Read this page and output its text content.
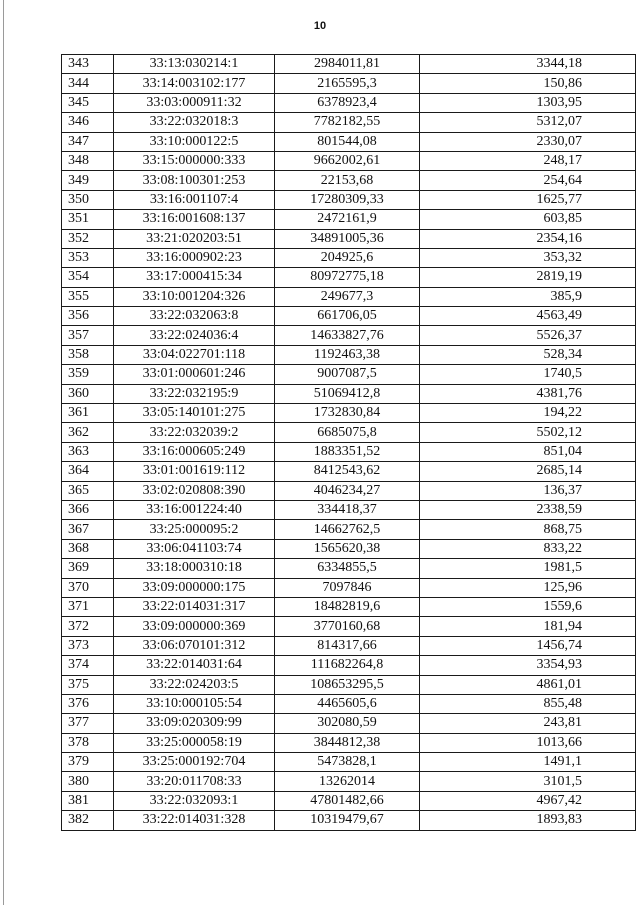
10
343	33:13:030214:1	2984011,81	3344,18
344	33:14:003102:177	2165595,3	150,86
345	33:03:000911:32	6378923,4	1303,95
346	33:22:032018:3	7782182,55	5312,07
347	33:10:000122:5	801544,08	2330,07
348	33:15:000000:333	9662002,61	248,17
349	33:08:100301:253	22153,68	254,64
350	33:16:001107:4	17280309,33	1625,77
351	33:16:001608:137	2472161,9	603,85
352	33:21:020203:51	34891005,36	2354,16
353	33:16:000902:23	204925,6	353,32
354	33:17:000415:34	80972775,18	2819,19
355	33:10:001204:326	249677,3	385,9
356	33:22:032063:8	661706,05	4563,49
357	33:22:024036:4	14633827,76	5526,37
358	33:04:022701:118	1192463,38	528,34
359	33:01:000601:246	9007087,5	1740,5
360	33:22:032195:9	51069412,8	4381,76
361	33:05:140101:275	1732830,84	194,22
362	33:22:032039:2	6685075,8	5502,12
363	33:16:000605:249	1883351,52	851,04
364	33:01:001619:112	8412543,62	2685,14
365	33:02:020808:390	4046234,27	136,37
366	33:16:001224:40	334418,37	2338,59
367	33:25:000095:2	14662762,5	868,75
368	33:06:041103:74	1565620,38	833,22
369	33:18:000310:18	6334855,5	1981,5
370	33:09:000000:175	7097846	125,96
371	33:22:014031:317	18482819,6	1559,6
372	33:09:000000:369	3770160,68	181,94
373	33:06:070101:312	814317,66	1456,74
374	33:22:014031:64	111682264,8	3354,93
375	33:22:024203:5	108653295,5	4861,01
376	33:10:000105:54	4465605,6	855,48
377	33:09:020309:99	302080,59	243,81
378	33:25:000058:19	3844812,38	1013,66
379	33:25:000192:704	5473828,1	1491,1
380	33:20:011708:33	13262014	3101,5
381	33:22:032093:1	47801482,66	4967,42
382	33:22:014031:328	10319479,67	1893,83
